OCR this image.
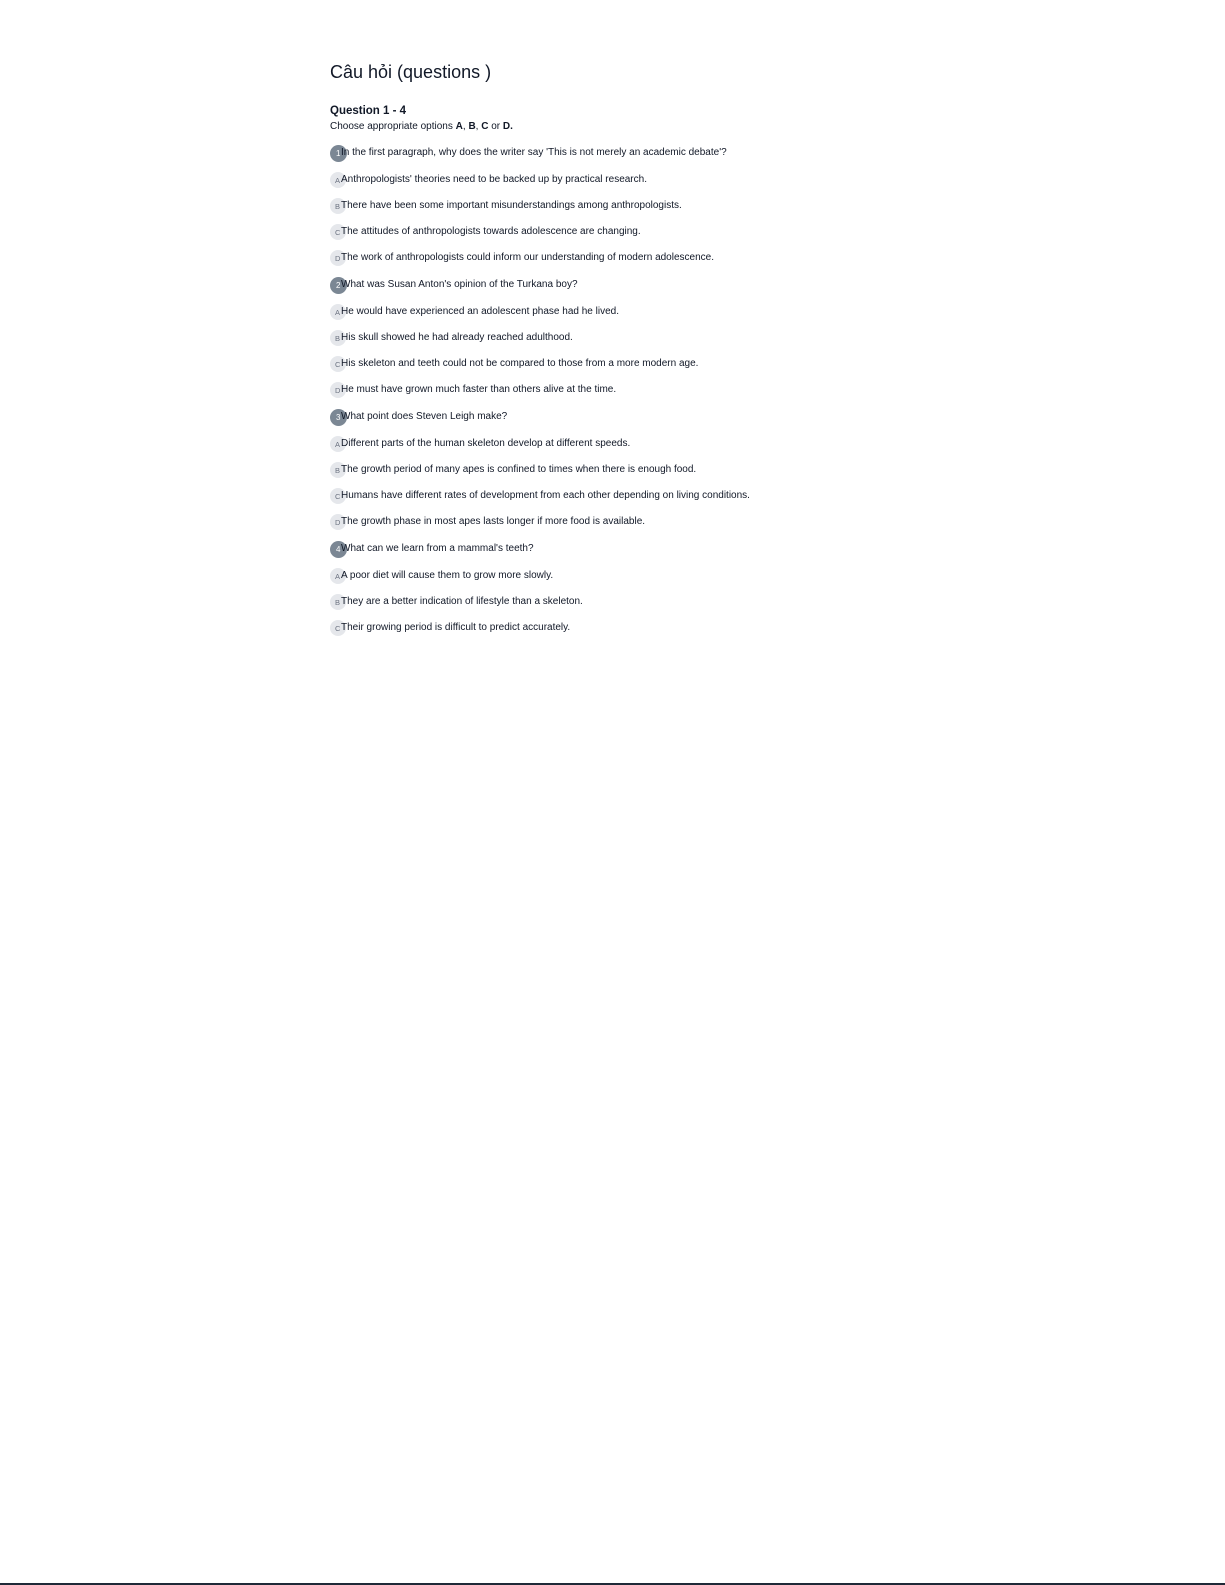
Câu hỏi (questions )
Question 1 - 4
Choose appropriate options A, B, C or D.
1 In the first paragraph, why does the writer say 'This is not merely an academic debate'?
A Anthropologists' theories need to be backed up by practical research.
B There have been some important misunderstandings among anthropologists.
C The attitudes of anthropologists towards adolescence are changing.
D The work of anthropologists could inform our understanding of modern adolescence.
2 What was Susan Anton's opinion of the Turkana boy?
A He would have experienced an adolescent phase had he lived.
B His skull showed he had already reached adulthood.
C His skeleton and teeth could not be compared to those from a more modern age.
D He must have grown much faster than others alive at the time.
3 What point does Steven Leigh make?
A Different parts of the human skeleton develop at different speeds.
B The growth period of many apes is confined to times when there is enough food.
C Humans have different rates of development from each other depending on living conditions.
D The growth phase in most apes lasts longer if more food is available.
4 What can we learn from a mammal's teeth?
A A poor diet will cause them to grow more slowly.
B They are a better indication of lifestyle than a skeleton.
C Their growing period is difficult to predict accurately.
